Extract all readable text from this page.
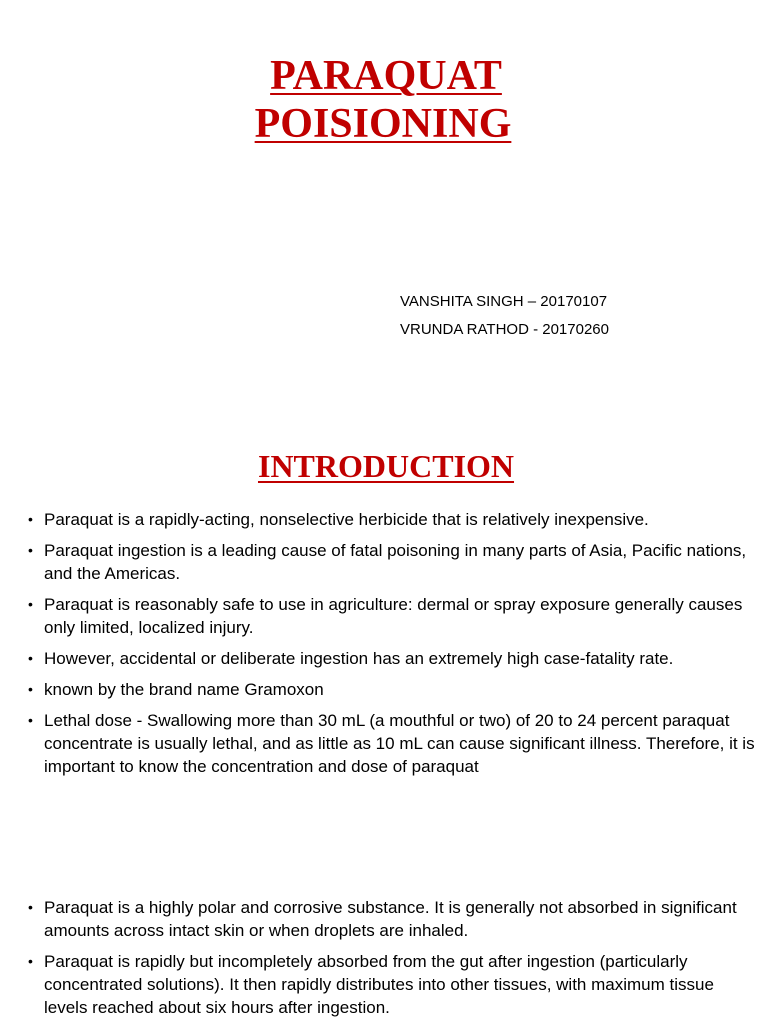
PARAQUAT
POISIONING
VANSHITA SINGH – 20170107
VRUNDA RATHOD - 20170260
INTRODUCTION
• Paraquat is a rapidly-acting, nonselective herbicide that is relatively inexpensive.
• Paraquat ingestion is a leading cause of fatal poisoning in many parts of Asia, Pacific nations, and the Americas.
• Paraquat is reasonably safe to use in agriculture: dermal or spray exposure generally causes only limited, localized injury.
• However, accidental or deliberate ingestion has an extremely high case-fatality rate.
• known by the brand name Gramoxon
• Lethal dose - Swallowing more than 30 mL (a mouthful or two) of 20 to 24 percent paraquat concentrate is usually lethal, and as little as 10 mL can cause significant illness. Therefore, it is important to know the concentration and dose of paraquat
• Paraquat is a highly polar and corrosive substance. It is generally not absorbed in significant amounts across intact skin or when droplets are inhaled.
• Paraquat is rapidly but incompletely absorbed from the gut after ingestion (particularly concentrated solutions). It then rapidly distributes into other tissues, with maximum tissue levels reached about six hours after ingestion.
